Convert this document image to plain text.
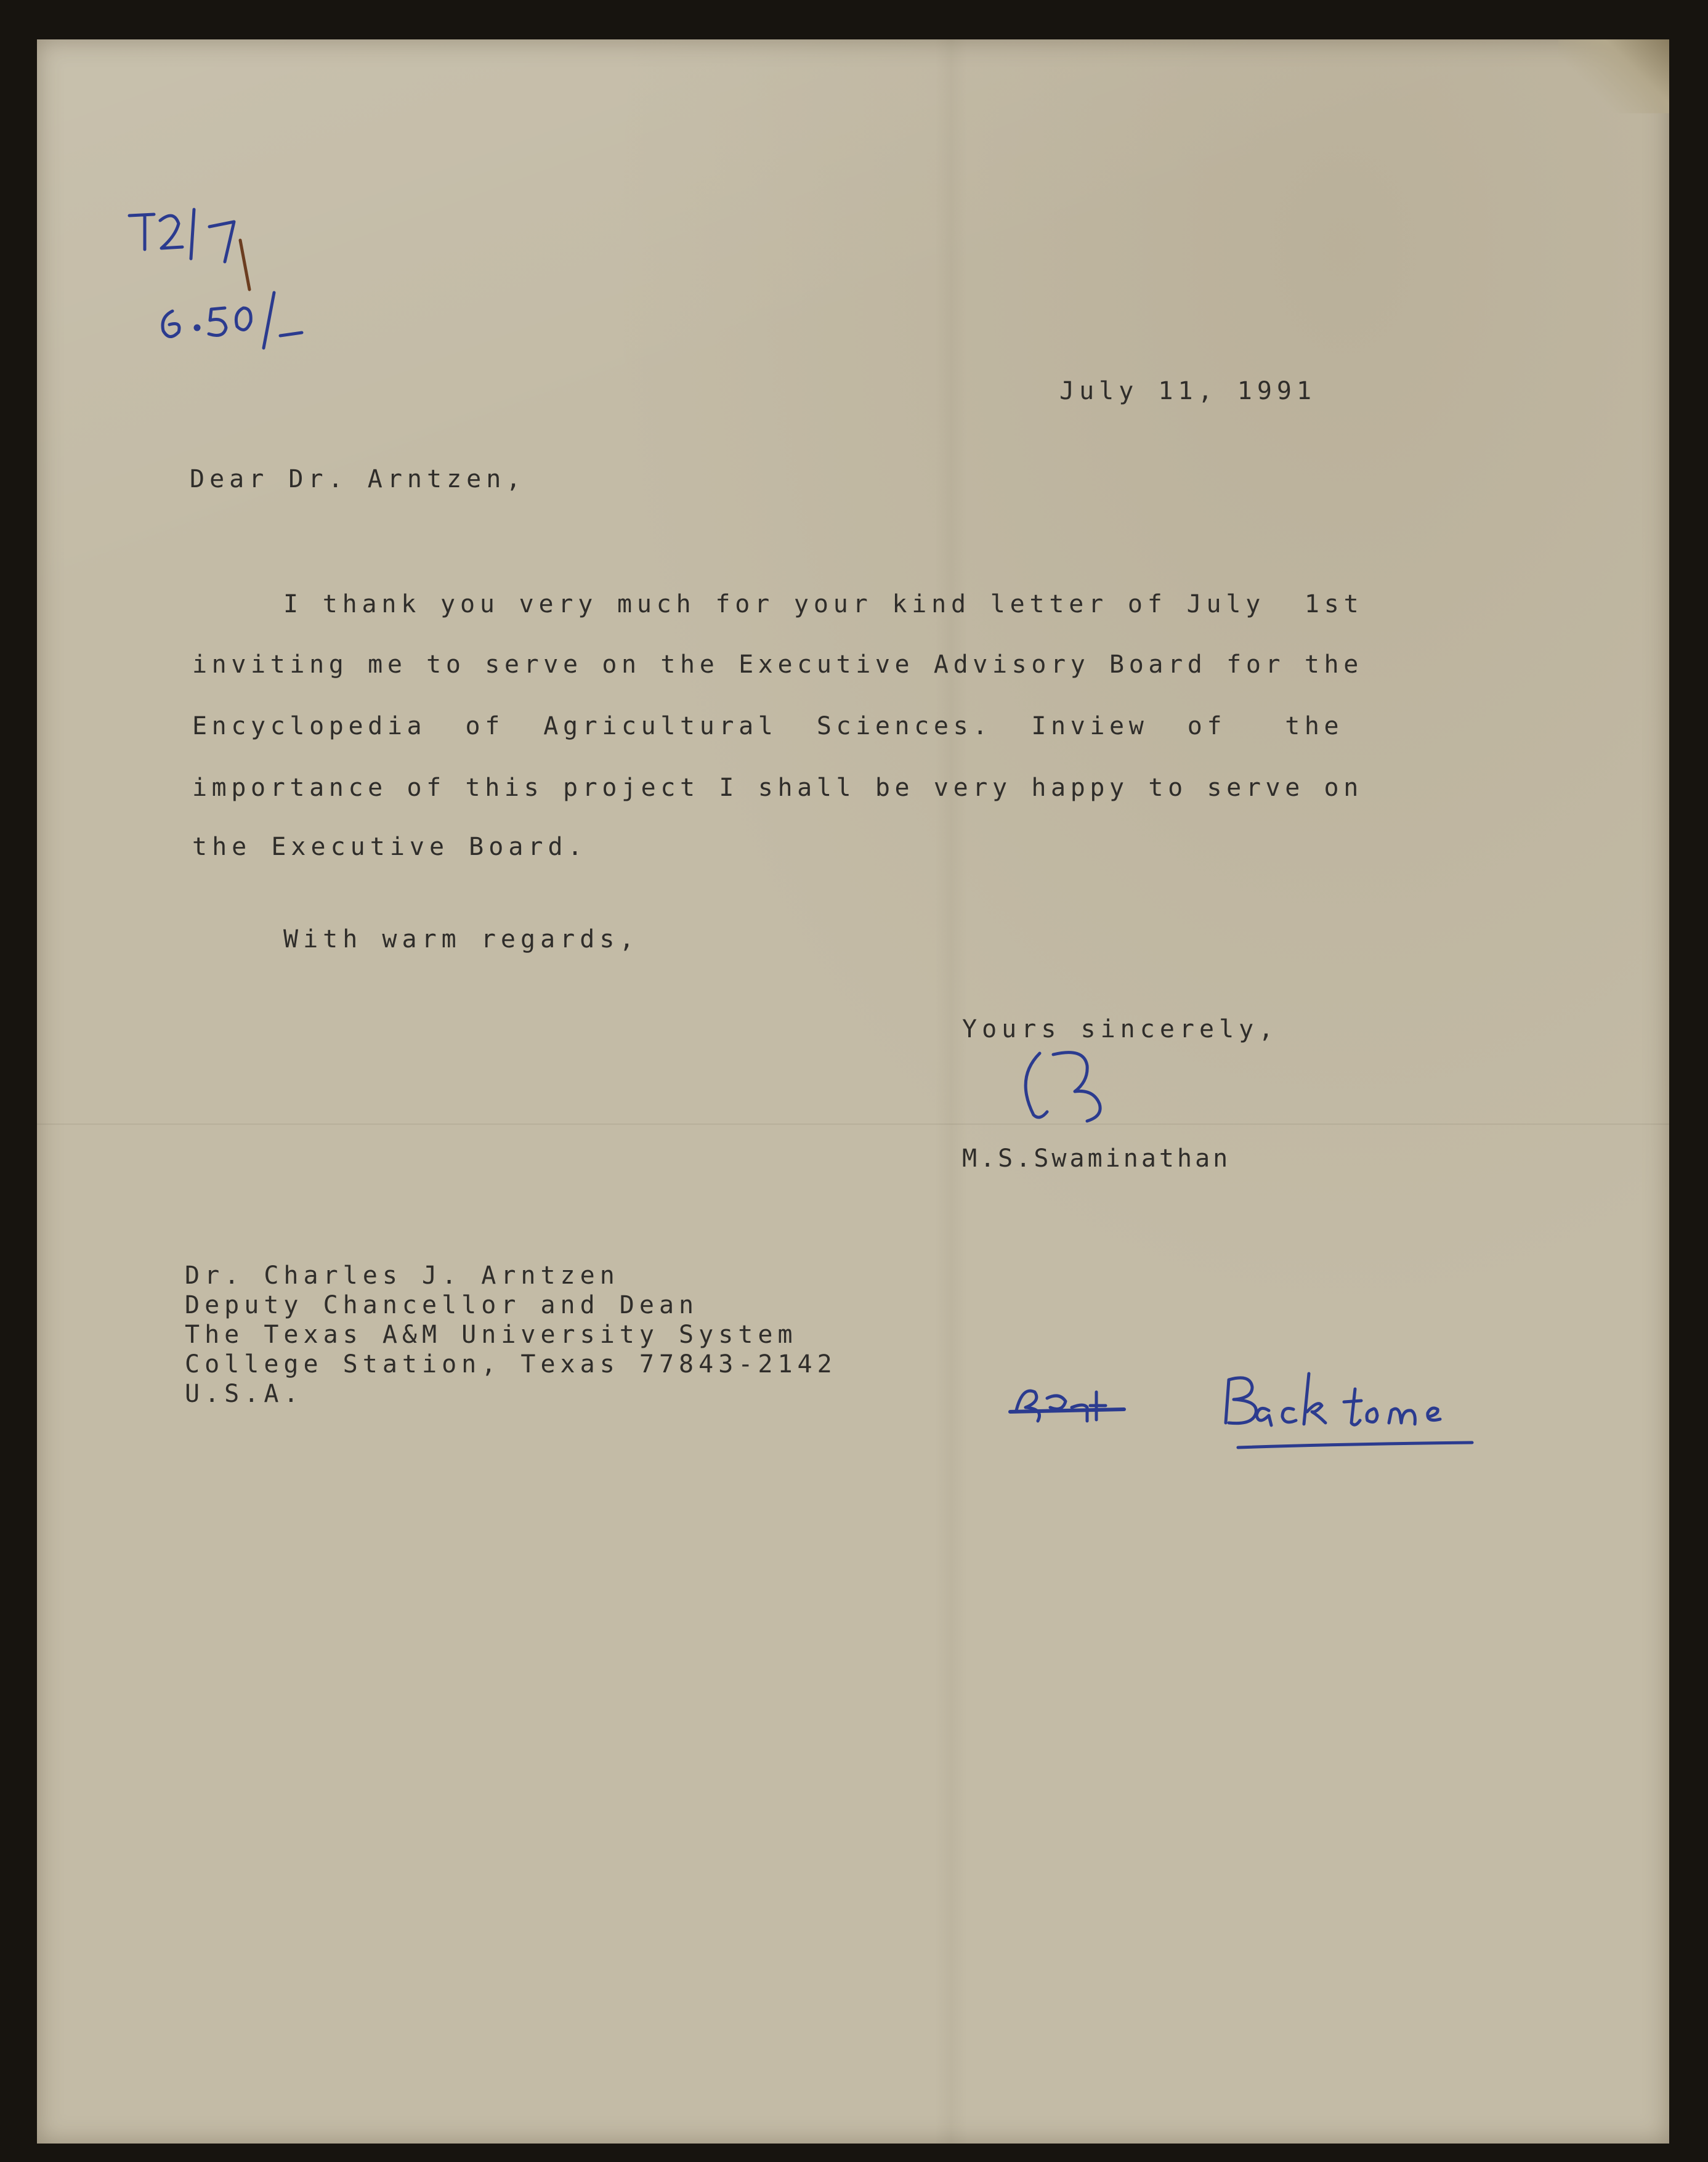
July 11, 1991
Dear Dr. Arntzen,
I thank you very much for your kind letter of July  1st
inviting me to serve on the Executive Advisory Board for the
Encyclopedia  of  Agricultural  Sciences.  Inview  of   the
importance of this project I shall be very happy to serve on
the Executive Board.
With warm regards,
Yours sincerely,
M.S.Swaminathan
Dr. Charles J. Arntzen
Deputy Chancellor and Dean
The Texas A&M University System
College Station, Texas 77843-2142
U.S.A.
